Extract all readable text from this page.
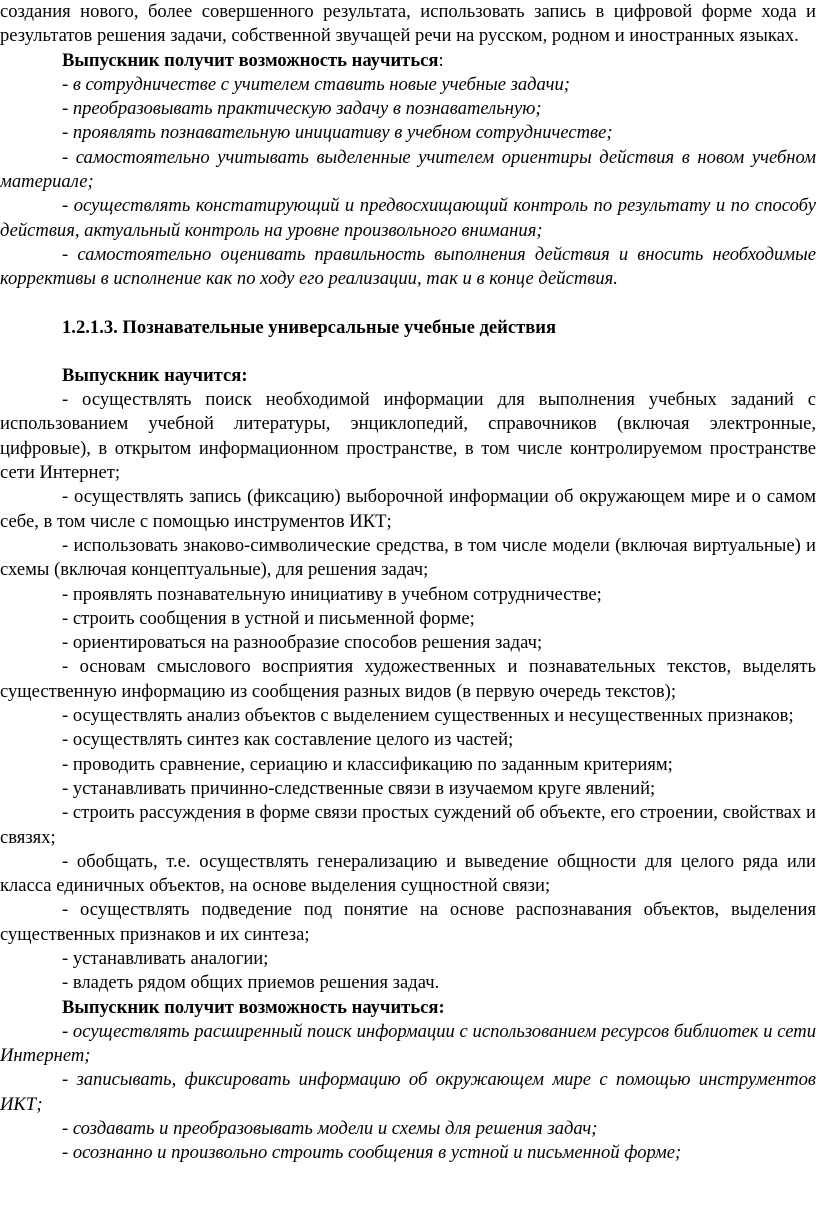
создания нового, более совершенного результата, использовать запись в цифровой форме хода и результатов решения задачи, собственной звучащей речи на русском, родном и иностранных языках.

Выпускник получит возможность научиться:

- в сотрудничестве с учителем ставить новые учебные задачи;

- преобразовывать практическую задачу в познавательную;

- проявлять познавательную инициативу в учебном сотрудничестве;

- самостоятельно учитывать выделенные учителем ориентиры действия в новом учебном материале;

- осуществлять констатирующий и предвосхищающий контроль по результату и по способу действия, актуальный контроль на уровне произвольного внимания;

- самостоятельно оценивать правильность выполнения действия и вносить необходимые коррективы в исполнение как по ходу его реализации, так и в конце действия.

1.2.1.3. Познавательные универсальные учебные действия

Выпускник научится:

- осуществлять поиск необходимой информации для выполнения учебных заданий с использованием учебной литературы, энциклопедий, справочников (включая электронные, цифровые), в открытом информационном пространстве, в том числе контролируемом пространстве сети Интернет;

- осуществлять запись (фиксацию) выборочной информации об окружающем мире и о самом себе, в том числе с помощью инструментов ИКТ;

- использовать знаково-символические средства, в том числе модели (включая виртуальные) и схемы (включая концептуальные), для решения задач;

- проявлять познавательную инициативу в учебном сотрудничестве;

- строить сообщения в устной и письменной форме;

- ориентироваться на разнообразие способов решения задач;

- основам смыслового восприятия художественных и познавательных текстов, выделять существенную информацию из сообщения разных видов (в первую очередь текстов);

- осуществлять анализ объектов с выделением существенных и несущественных признаков;

- осуществлять синтез как составление целого из частей;

- проводить сравнение, сериацию и классификацию по заданным критериям;

- устанавливать причинно-следственные связи в изучаемом круге явлений;

- строить рассуждения в форме связи простых суждений об объекте, его строении, свойствах и связях;

- обобщать, т.е. осуществлять генерализацию и выведение общности для целого ряда или класса единичных объектов, на основе выделения сущностной связи;

- осуществлять подведение под понятие на основе распознавания объектов, выделения существенных признаков и их синтеза;

- устанавливать аналогии;

- владеть рядом общих приемов решения задач.

Выпускник получит возможность научиться:

- осуществлять расширенный поиск информации с использованием ресурсов библиотек и сети Интернет;

- записывать, фиксировать информацию об окружающем мире с помощью инструментов ИКТ;

- создавать и преобразовывать модели и схемы для решения задач;

- осознанно и произвольно строить сообщения в устной и письменной форме;
